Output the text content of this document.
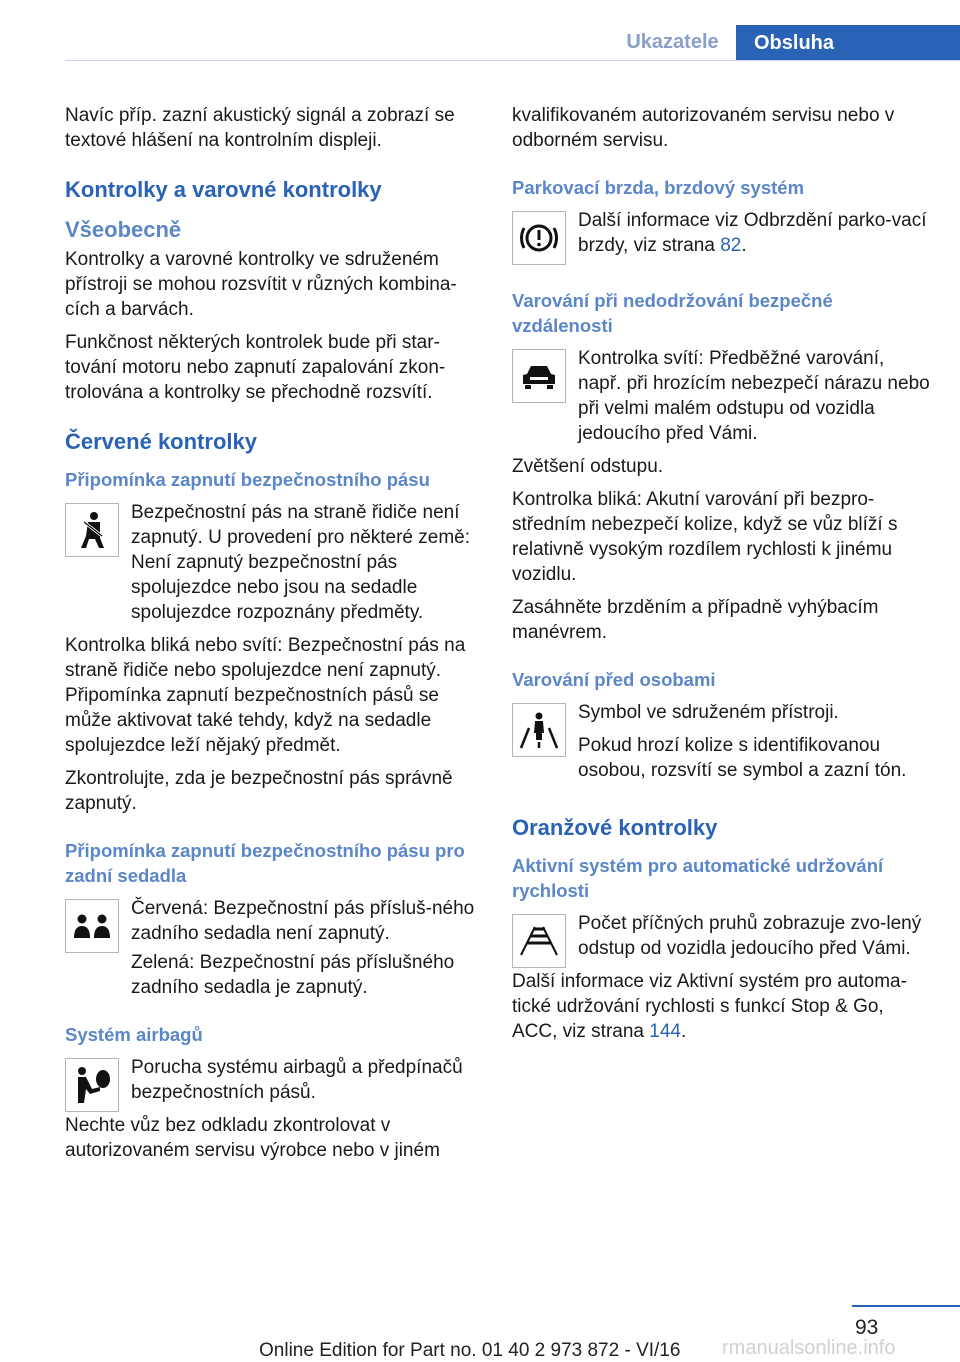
Ukazatele	Obsluha

Navíc příp. zazní akustický signál a zobrazí se textové hlášení na kontrolním displeji.

Kontrolky a varovné kontrolky
Všeobecně

Kontrolky a varovné kontrolky ve sdruženém přístroji se mohou rozsvítit v různých kombina‐cích a barvách.

Funkčnost některých kontrolek bude při star‐tování motoru nebo zapnutí zapalování zkon‐trolována a kontrolky se přechodně rozsvítí.

Červené kontrolky
Připomínka zapnutí bezpečnostního pásu

Bezpečnostní pás na straně řidiče není zapnutý. U provedení pro některé země: Není zapnutý bezpečnostní pás spolujezdce nebo jsou na sedadle spolujezdce rozpoznány předměty.

Kontrolka bliká nebo svítí: Bezpečnostní pás na straně řidiče nebo spolujezdce není zapnutý. Připomínka zapnutí bezpečnostních pásů se může aktivovat také tehdy, když na sedadle spolujezdce leží nějaký předmět.

Zkontrolujte, zda je bezpečnostní pás správně zapnutý.

Připomínka zapnutí bezpečnostního pásu pro zadní sedadla

Červená: Bezpečnostní pás přísluš‐ného zadního sedadla není zapnutý.

Zelená: Bezpečnostní pás příslušného zadního sedadla je zapnutý.

Systém airbagů

Porucha systému airbagů a předpínačů bezpečnostních pásů.

Nechte vůz bez odkladu zkontrolovat v autorizovaném servisu výrobce nebo v jiném

kvalifikovaném autorizovaném servisu nebo v odborném servisu.

Parkovací brzda, brzdový systém

Další informace viz Odbrzdění parko‐vací brzdy, viz strana 82.

Varování při nedodržování bezpečné vzdálenosti

Kontrolka svítí: Předběžné varování, např. při hrozícím nebezpečí nárazu nebo při velmi malém odstupu od vozidla jedoucího před Vámi.

Zvětšení odstupu.

Kontrolka bliká: Akutní varování při bezpro‐středním nebezpečí kolize, když se vůz blíží s relativně vysokým rozdílem rychlosti k jinému vozidlu.

Zasáhněte brzděním a případně vyhýbacím manévrem.

Varování před osobami

Symbol ve sdruženém přístroji.

Pokud hrozí kolize s identifikovanou osobou, rozsvítí se symbol a zazní tón.

Oranžové kontrolky
Aktivní systém pro automatické udržování rychlosti

Počet příčných pruhů zobrazuje zvo‐lený odstup od vozidla jedoucího před Vámi.

Další informace viz Aktivní systém pro automa‐tické udržování rychlosti s funkcí Stop & Go, ACC, viz strana 144.

93
Online Edition for Part no. 01 40 2 973 872 - VI/16 rmanualsonline.info
